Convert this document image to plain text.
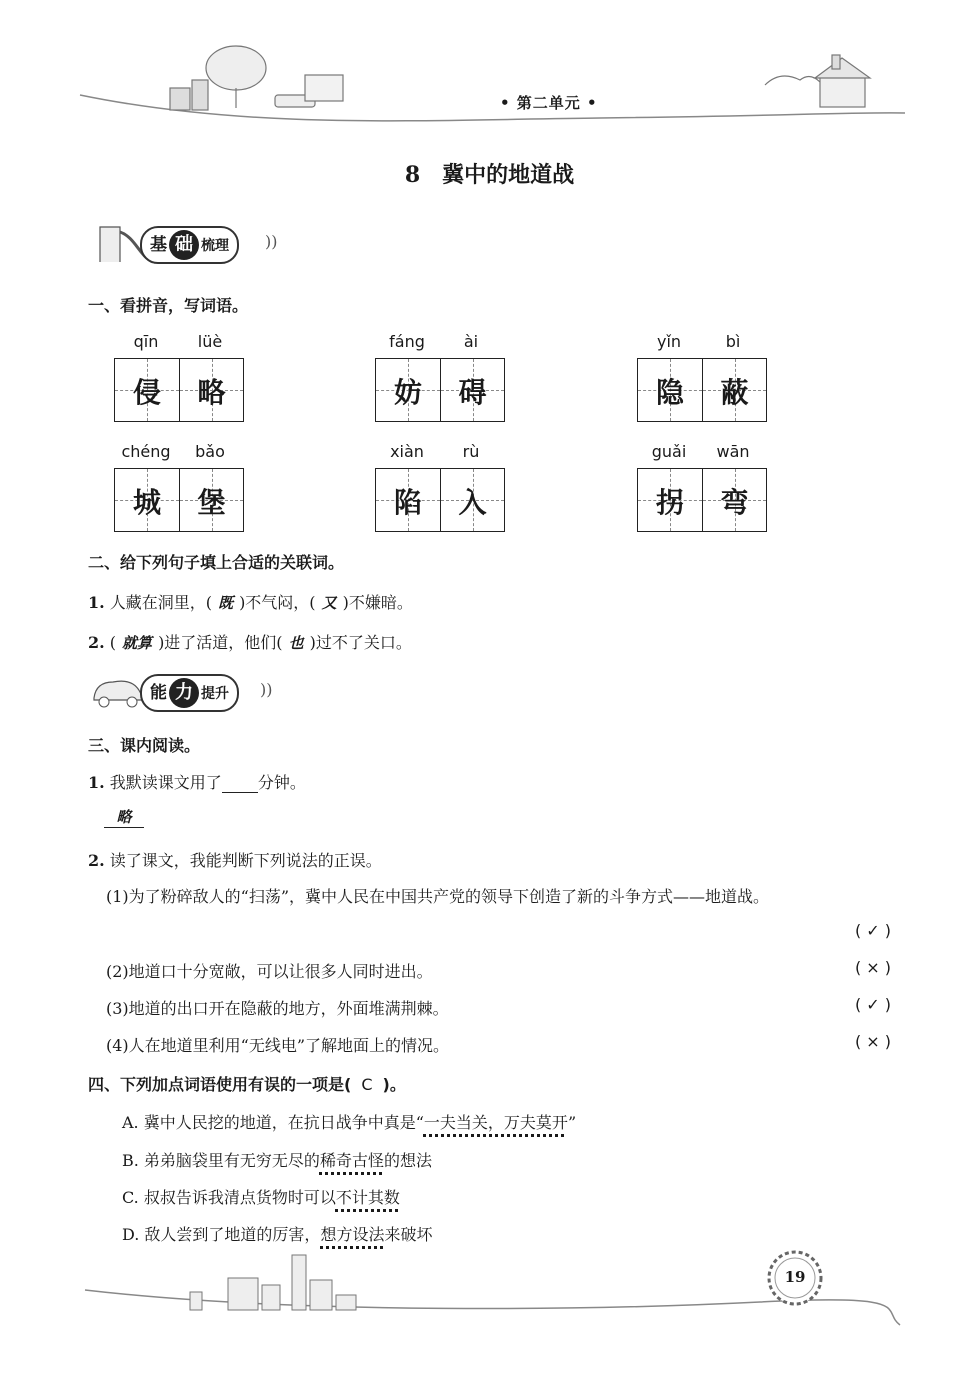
• 第二单元 •
8　冀中的地道战
基 础 梳理	))
一、看拼音，写词语。
qīn	lüè
侵	略
fáng	ài
妨	碍
yǐn	bì
隐	蔽
chéng	bǎo
城	堡
xiàn	rù
陷	入
guǎi	wān
拐	弯
二、给下列句子填上合适的关联词。
1. 人藏在洞里，( 既 )不气闷，( 又 )不嫌暗。
2. ( 就算 )进了活道，他们( 也 )过不了关口。
能 力 提升	))
三、课内阅读。
1. 我默读课文用了 分钟。
略
2. 读了课文，我能判断下列说法的正误。
(1)为了粉碎敌人的“扫荡”，冀中人民在中国共产党的领导下创造了新的斗争方式——地道战。
( ✓ )
(2)地道口十分宽敞，可以让很多人同时进出。	( × )
(3)地道的出口开在隐蔽的地方，外面堆满荆棘。	( ✓ )
(4)人在地道里利用“无线电”了解地面上的情况。	( × )
四、下列加点词语使用有误的一项是( C )。
A. 冀中人民挖的地道，在抗日战争中真是“一夫当关，万夫莫开”
B. 弟弟脑袋里有无穷无尽的稀奇古怪的想法
C. 叔叔告诉我清点货物时可以不计其数
D. 敌人尝到了地道的厉害，想方设法来破坏
19
